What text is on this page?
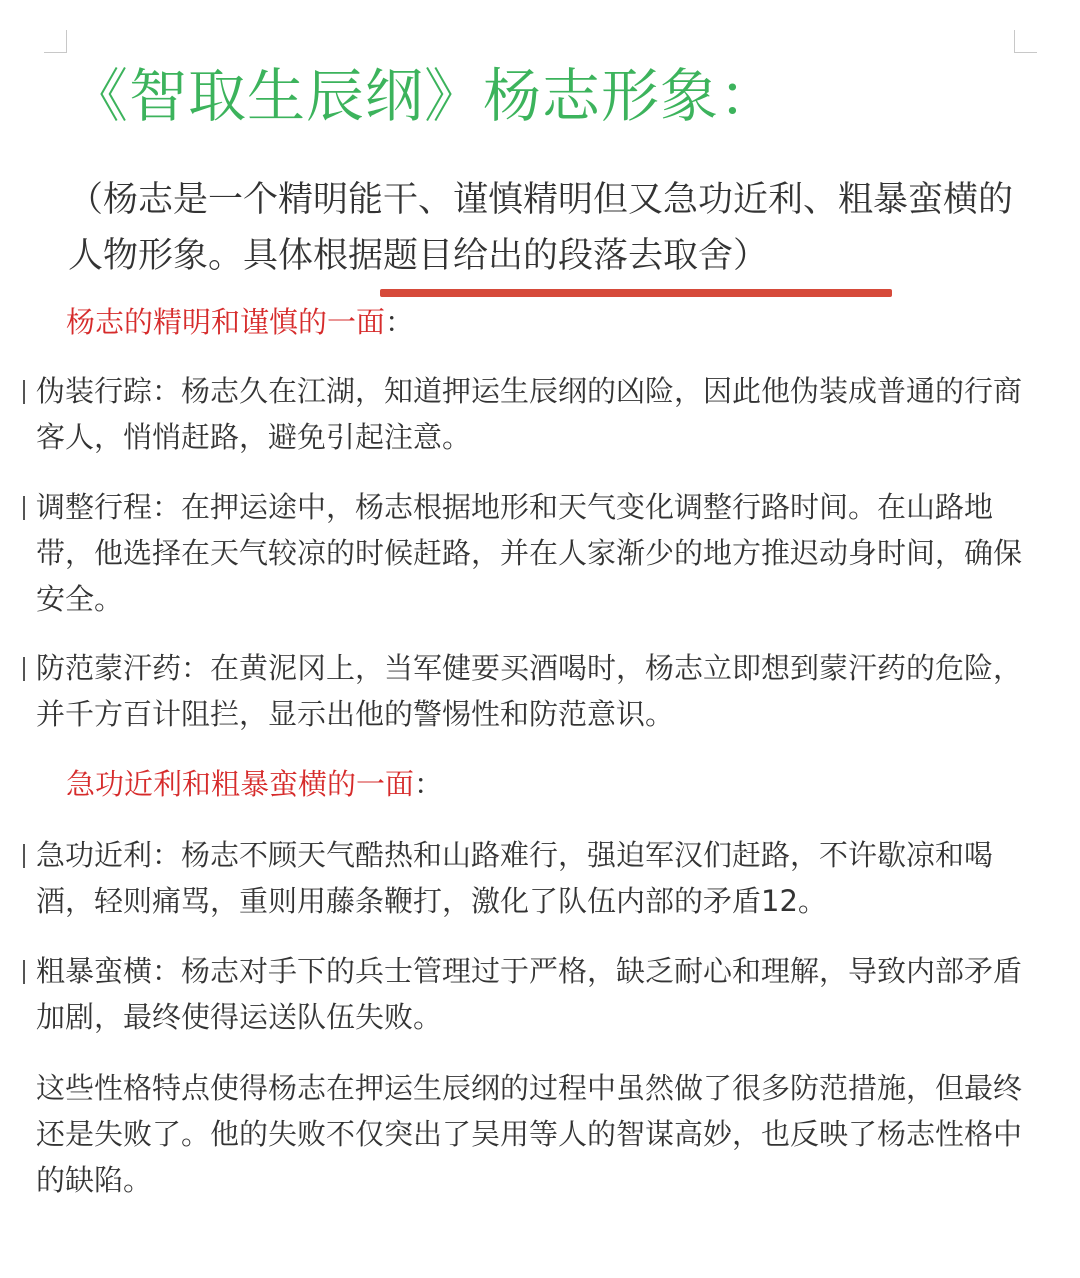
《智取生辰纲》杨志形象：
（杨志是一个精明能干、谨慎精明但又急功近利、粗暴蛮横的人物形象。具体根据题目给出的段落去取舍）
杨志的精明和谨慎的一面：
伪装行踪：杨志久在江湖，知道押运生辰纲的凶险，因此他伪装成普通的行商客人，悄悄赶路，避免引起注意。
调整行程：在押运途中，杨志根据地形和天气变化调整行路时间。在山路地带，他选择在天气较凉的时候赶路，并在人家渐少的地方推迟动身时间，确保安全。
防范蒙汗药：在黄泥冈上，当军健要买酒喝时，杨志立即想到蒙汗药的危险，并千方百计阻拦，显示出他的警惕性和防范意识。
急功近利和粗暴蛮横的一面：
急功近利：杨志不顾天气酷热和山路难行，强迫军汉们赶路，不许歇凉和喝酒，轻则痛骂，重则用藤条鞭打，激化了队伍内部的矛盾12。
粗暴蛮横：杨志对手下的兵士管理过于严格，缺乏耐心和理解，导致内部矛盾加剧，最终使得运送队伍失败。
这些性格特点使得杨志在押运生辰纲的过程中虽然做了很多防范措施，但最终还是失败了。他的失败不仅突出了吴用等人的智谋高妙，也反映了杨志性格中的缺陷。
